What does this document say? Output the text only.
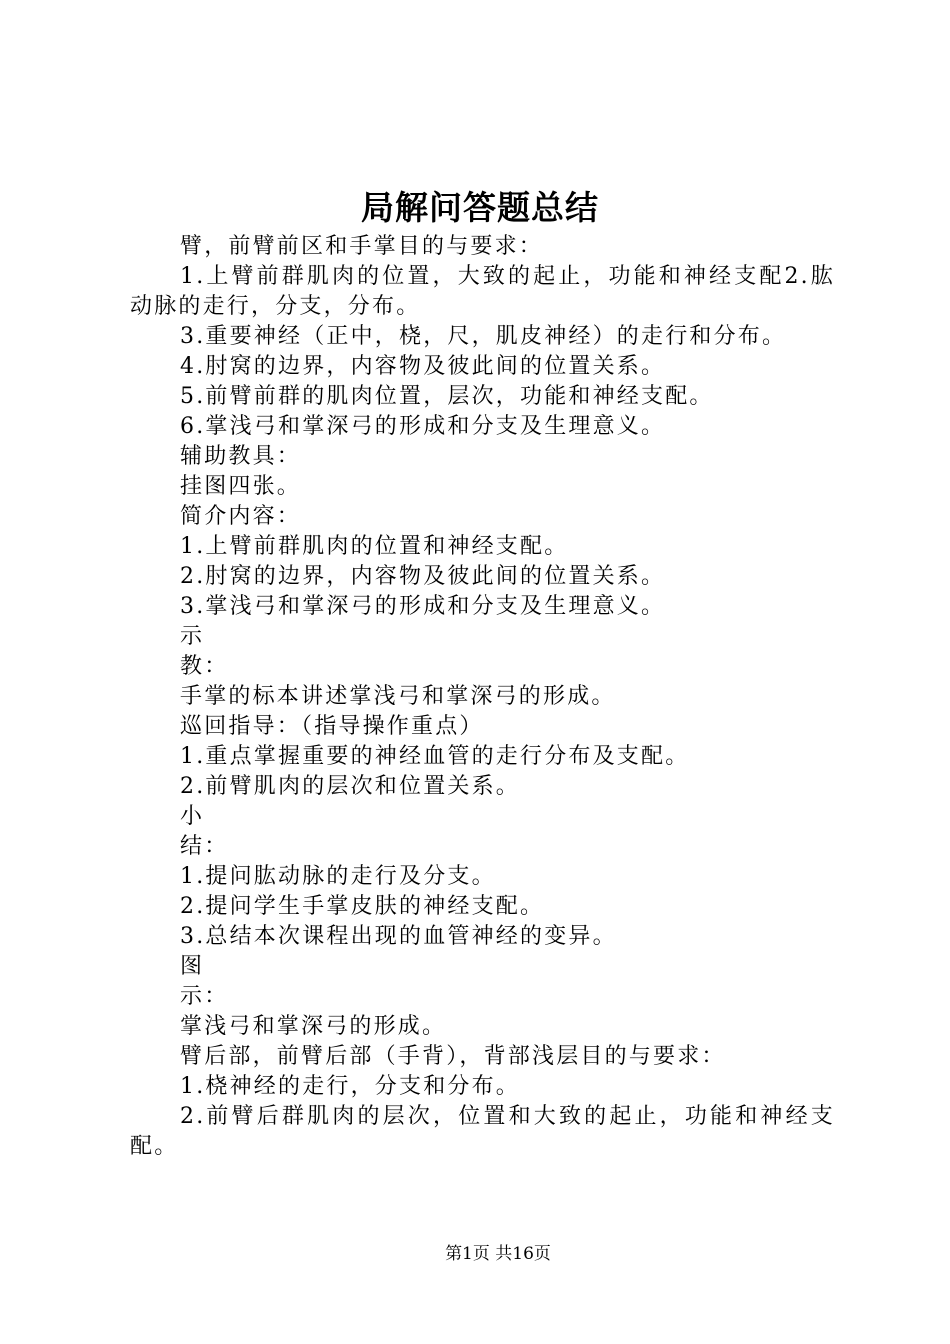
局解问答题总结
臂，前臂前区和手掌目的与要求：
1.上臂前群肌肉的位置，大致的起止，功能和神经支配2.肱动脉的走行，分支，分布。
3.重要神经（正中，桡，尺，肌皮神经）的走行和分布。
4.肘窝的边界，内容物及彼此间的位置关系。
5.前臂前群的肌肉位置，层次，功能和神经支配。
6.掌浅弓和掌深弓的形成和分支及生理意义。
辅助教具：
挂图四张。
简介内容：
1.上臂前群肌肉的位置和神经支配。
2.肘窝的边界，内容物及彼此间的位置关系。
3.掌浅弓和掌深弓的形成和分支及生理意义。
示
教：
手掌的标本讲述掌浅弓和掌深弓的形成。
巡回指导：（指导操作重点）
1.重点掌握重要的神经血管的走行分布及支配。
2.前臂肌肉的层次和位置关系。
小
结：
1.提问肱动脉的走行及分支。
2.提问学生手掌皮肤的神经支配。
3.总结本次课程出现的血管神经的变异。
图
示：
掌浅弓和掌深弓的形成。
臂后部，前臂后部（手背），背部浅层目的与要求：
1.桡神经的走行，分支和分布。
2.前臂后群肌肉的层次，位置和大致的起止，功能和神经支配。
第1页 共16页
